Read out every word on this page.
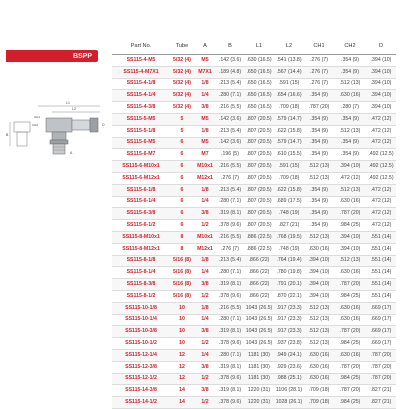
BSPP
L1
L2
CH1
CH2
A
B
D
Part No.	Tube	A	B	L1	L2	CH1	CH2	D
SS115-4-M5	5/32 (4)	M5	.142 (3.6)	.630 (16.5)	.541 (13.8)	.276 (7)	.354 (9)	.394 (10)
SS115-4-M7X1	5/32 (4)	M7X1	.189 (4.8)	.650 (16.5)	.567 (14.4)	.276 (7)	.354 (9)	.394 (10)
SS115-4-1/8	5/32 (4)	1/8	.213 (5.4)	.650 (16.5)	.591 (15)	.276 (7)	.512 (13)	.394 (10)
SS115-4-1/4	5/32 (4)	1/4	.280 (7.1)	.650 (16.5)	.654 (16.6)	.354 (9)	.630 (16)	.394 (10)
SS115-4-3/8	5/32 (4)	3/8	.216 (5.5)	.650 (16.5)	.709 (18)	.787 (20)	.280 (7)	.394 (10)
SS115-5-M5	5	M5	.142 (3.6)	.807 (20.5)	.579 (14.7)	.354 (9)	.354 (9)	.472 (12)
SS115-5-1/8	5	1/8	.213 (5.4)	.807 (20.5)	.622 (15.8)	.354 (9)	.512 (13)	.472 (12)
SS115-6-M5	6	M5	.142 (3.6)	.807 (20.5)	.579 (14.7)	.354 (9)	.354 (9)	.472 (12)
SS115-6-M7	6	M7	.196 (5)	.807 (20.5)	.610 (15.5)	.354 (9)	.354 (9)	.492 (12.5)
SS115-6-M10x1	6	M10x1	.216 (5.5)	.807 (20.5)	.591 (15)	.512 (13)	.394 (10)	.492 (12.5)
SS115-6-M12x1	6	M12x1	.276 (7)	.807 (20.5)	.709 (18)	.512 (13)	.472 (12)	.492 (12.5)
SS115-6-1/8	6	1/8	.213 (5.4)	.807 (20.5)	.622 (15.8)	.354 (9)	.512 (13)	.472 (12)
SS115-6-1/4	6	1/4	.280 (7.1)	.807 (20.5)	.689 (17.5)	.354 (9)	.630 (16)	.472 (12)
SS115-6-3/8	6	3/8	.319 (8.1)	.807 (20.5)	.748 (19)	.354 (9)	.787 (20)	.472 (12)
SS115-6-1/2	6	1/2	.378 (9.6)	.807 (20.5)	.827 (21)	.354 (9)	.984 (25)	.472 (12)
SS115-8-M10x1	8	M10x1	.216 (5.5)	.886 (22.5)	.768 (19.5)	.512 (13)	.394 (10)	.551 (14)
SS115-8-M12x1	8	M12x1	.276 (7)	.886 (22.5)	.748 (19)	.630 (16)	.394 (10)	.551 (14)
SS115-8-1/8	5/16 (8)	1/8	.213 (5.4)	.866 (22)	.764 (19.4)	.394 (10)	.512 (13)	.551 (14)
SS115-8-1/4	5/16 (8)	1/4	.280 (7.1)	.866 (22)	.780 (19.8)	.394 (10)	.630 (16)	.551 (14)
SS115-8-3/8	5/16 (8)	3/8	.319 (8.1)	.866 (22)	.791 (20.1)	.394 (10)	.787 (20)	.551 (14)
SS115-8-1/2	5/16 (8)	1/2	.378 (9.6)	.866 (22)	.870 (22.1)	.394 (10)	.984 (25)	.551 (14)
SS115-10-1/8	10	1/8	.216 (5.5)	1043 (26.5)	.917 (23.3)	.512 (13)	.630 (16)	.669 (17)
SS115-10-1/4	10	1/4	.280 (7.1)	1043 (26.5)	.917 (23.3)	.512 (13)	.630 (16)	.669 (17)
SS115-10-3/8	10	3/8	.319 (8.1)	1043 (26.5)	.917 (23.3)	.512 (13)	.787 (20)	.669 (17)
SS115-10-1/2	10	1/2	.378 (9.6)	1043 (26.5)	.937 (23.8)	.512 (13)	.984 (25)	.669 (17)
SS115-12-1/4	12	1/4	.280 (7.1)	1181 (30)	.949 (24.1)	.630 (16)	.630 (16)	.787 (20)
SS115-12-3/8	12	3/8	.319 (8.1)	1181 (30)	.929 (23.6)	.630 (16)	.787 (20)	.787 (20)
SS115-12-1/2	12	1/2	.378 (9.6)	1181 (30)	.988 (25.1)	.630 (16)	.984 (25)	.787 (20)
SS115-14-3/8	14	3/8	.319 (8.1)	1220 (31)	1106 (28.1)	.709 (18)	.787 (20)	.827 (21)
SS115-14-1/2	14	1/2	.378 (9.6)	1220 (31)	1028 (26.1)	.709 (18)	.984 (25)	.827 (21)
